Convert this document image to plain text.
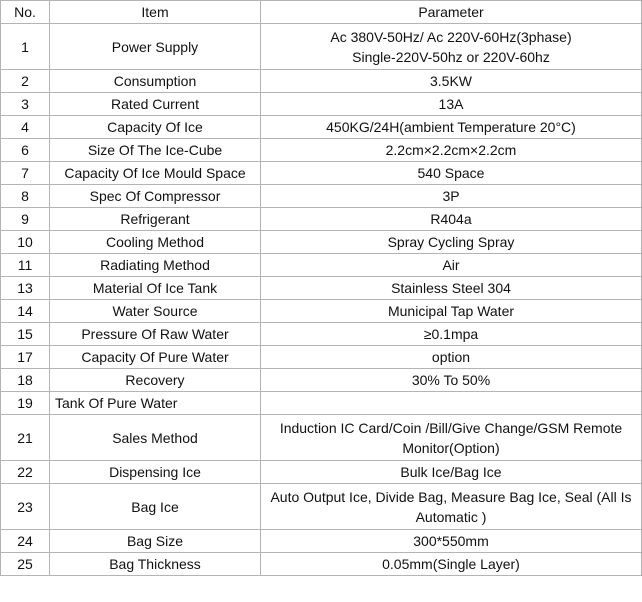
No.	Item	Parameter
1	Power Supply	Ac 380V-50Hz/ Ac 220V-60Hz(3phase)
Single-220V-50hz or 220V-60hz

2	Consumption	3.5KW
3	Rated Current	13A
4	Capacity Of Ice	450KG/24H(ambient Temperature 20°C)
6	Size Of The Ice-Cube	2.2cm×2.2cm×2.2cm
7	Capacity Of Ice Mould Space	540 Space
8	Spec Of Compressor	3P
9	Refrigerant	R404a
10	Cooling Method	Spray Cycling Spray
11	Radiating Method	Air
13	Material Of Ice Tank	Stainless Steel 304
14	Water Source	Municipal Tap Water
15	Pressure Of Raw Water	≥0.1mpa
17	Capacity Of Pure Water	option
18	Recovery	30% To 50%
19	Tank Of Pure Water	
21	Sales Method	Induction IC Card/Coin /Bill/Give Change/GSM Remote Monitor(Option)
22	Dispensing Ice	Bulk Ice/Bag Ice
23	Bag Ice	Auto Output Ice, Divide Bag, Measure Bag Ice, Seal (All Is Automatic )
24	Bag Size	300*550mm
25	Bag Thickness	0.05mm(Single Layer)
